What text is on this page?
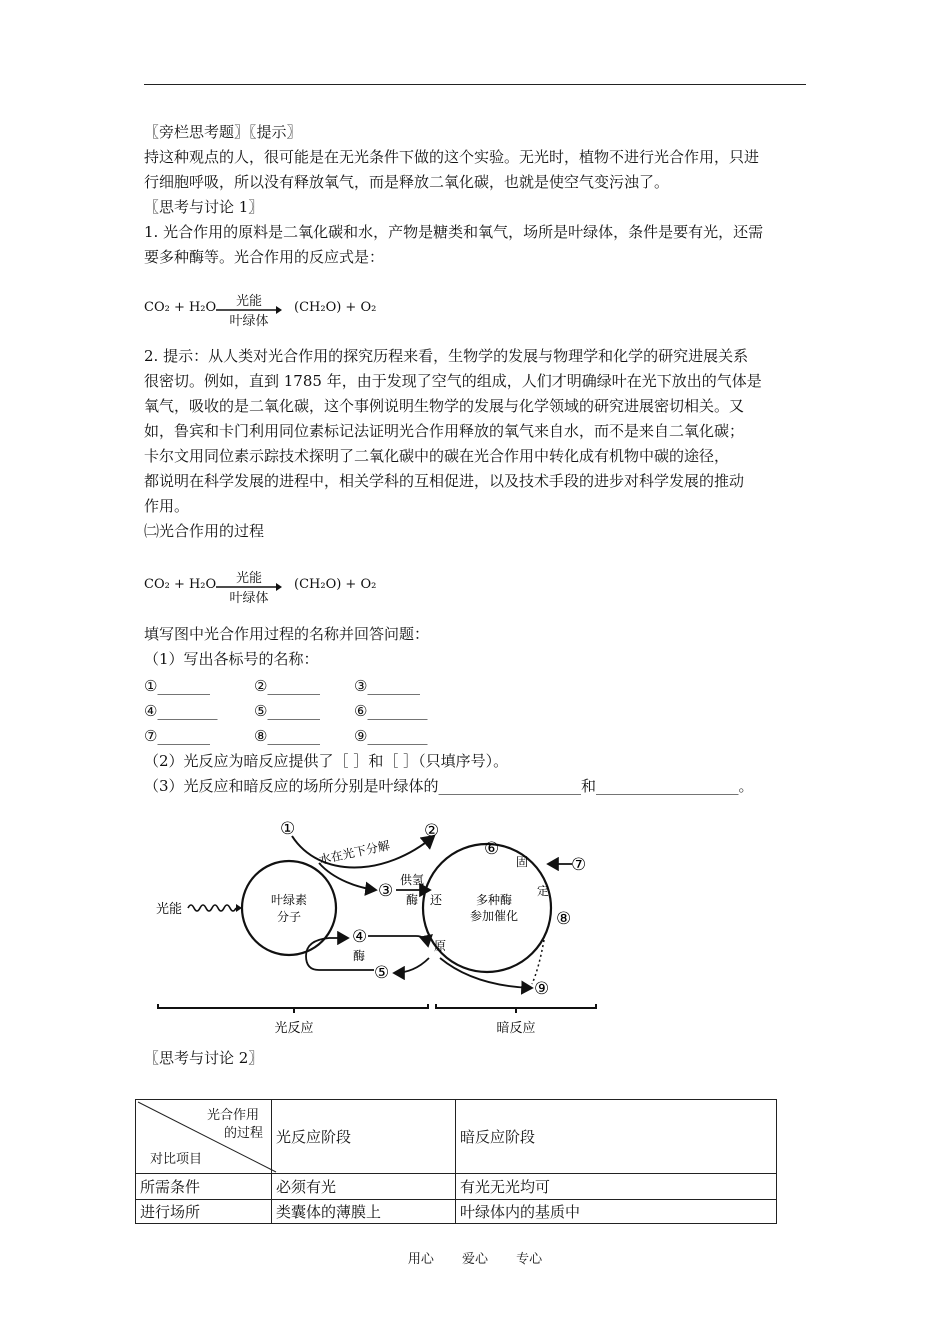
〖旁栏思考题〗〖提示〗

持这种观点的人，很可能是在无光条件下做的这个实验。无光时，植物不进行光合作用，只进

行细胞呼吸，所以没有释放氧气，而是释放二氧化碳，也就是使空气变污浊了。

〖思考与讨论 1〗

1. 光合作用的原料是二氧化碳和水，产物是糖类和氧气，场所是叶绿体，条件是要有光，还需

要多种酶等。光合作用的反应式是：

CO₂ + H₂O	光能
叶绿体
(CH₂O) + O₂

2. 提示：从人类对光合作用的探究历程来看，生物学的发展与物理学和化学的研究进展关系

很密切。例如，直到 1785 年，由于发现了空气的组成，人们才明确绿叶在光下放出的气体是

氧气，吸收的是二氧化碳，这个事例说明生物学的发展与化学领域的研究进展密切相关。又

如，鲁宾和卡门利用同位素标记法证明光合作用释放的氧气来自水，而不是来自二氧化碳；

卡尔文用同位素示踪技术探明了二氧化碳中的碳在光合作用中转化成有机物中碳的途径，

都说明在科学发展的进程中，相关学科的互相促进，以及技术手段的进步对科学发展的推动

作用。

㈡光合作用的过程

CO₂ + H₂O	光能
叶绿体
(CH₂O) + O₂

填写图中光合作用过程的名称并回答问题：

（1）写出各标号的名称：

①_______	②_______ ③_______
④________ ⑤_______ ⑥________
⑦_______	⑧_______ ⑨________
（2）光反应为暗反应提供了［ ］和［ ］（只填序号）。
（3）光反应和暗反应的场所分别是叶绿体的___________________和___________________。
光能
叶绿素
分子
多种酶
参加催化
水在光下分解
供氢
酶
酶
还
原
固
定
①	②
③
④
⑤
⑥
⑦
⑧
⑨
光反应	暗反应

〖思考与讨论 2〗

光合作用
的过程
对比项目	光反应阶段	暗反应阶段
所需条件	必须有光	有光无光均可
进行场所	类囊体的薄膜上	叶绿体内的基质中
用心 爱心 专心
